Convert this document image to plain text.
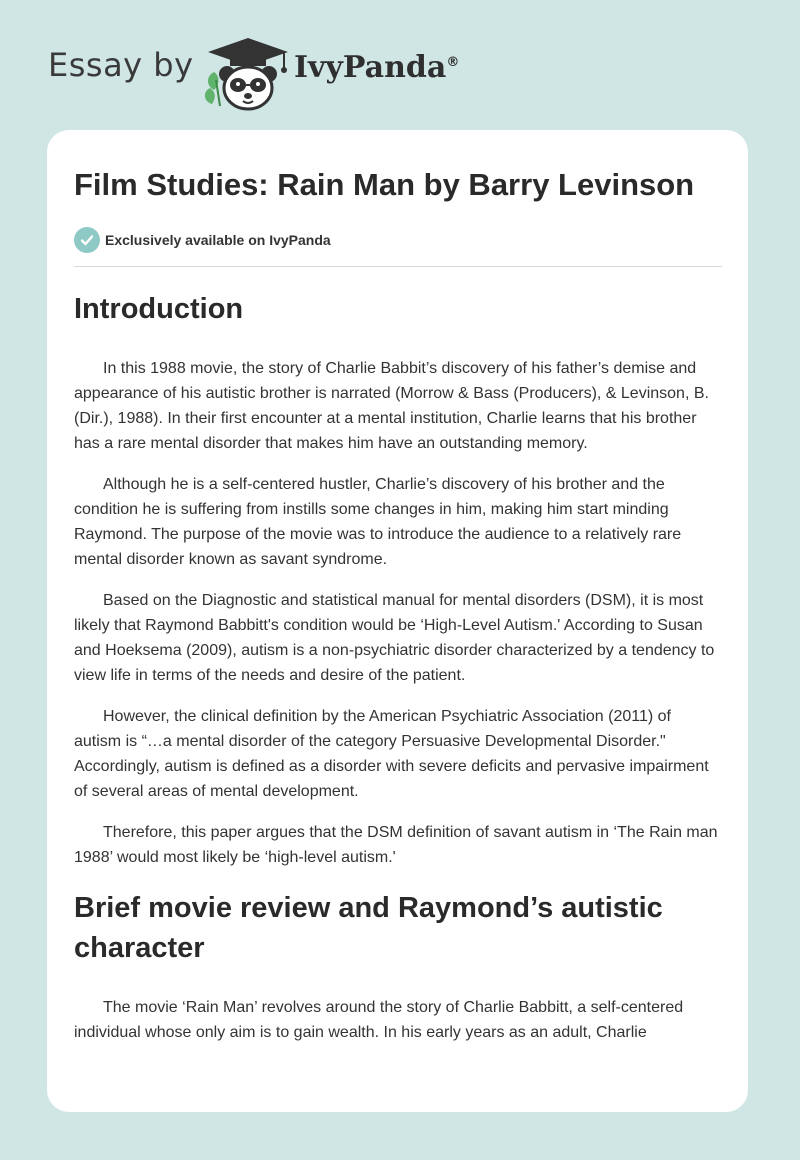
Essay by	IvyPanda®
Film Studies: Rain Man by Barry Levinson
Exclusively available on IvyPanda
Introduction

In this 1988 movie, the story of Charlie Babbit’s discovery of his father’s demise and appearance of his autistic brother is narrated (Morrow & Bass (Producers), & Levinson, B. (Dir.), 1988). In their first encounter at a mental institution, Charlie learns that his brother has a rare mental disorder that makes him have an outstanding memory.

Although he is a self-centered hustler, Charlie’s discovery of his brother and the condition he is suffering from instills some changes in him, making him start minding Raymond. The purpose of the movie was to introduce the audience to a relatively rare mental disorder known as savant syndrome.

Based on the Diagnostic and statistical manual for mental disorders (DSM), it is most likely that Raymond Babbitt's condition would be ‘High-Level Autism.' According to Susan and Hoeksema (2009), autism is a non-psychiatric disorder characterized by a tendency to view life in terms of the needs and desire of the patient.

However, the clinical definition by the American Psychiatric Association (2011) of autism is “…a mental disorder of the category Persuasive Developmental Disorder." Accordingly, autism is defined as a disorder with severe deficits and pervasive impairment of several areas of mental development.

Therefore, this paper argues that the DSM definition of savant autism in ‘The Rain man 1988’ would most likely be ‘high-level autism.'

Brief movie review and Raymond’s autistic character

The movie ‘Rain Man’ revolves around the story of Charlie Babbitt, a self-centered individual whose only aim is to gain wealth. In his early years as an adult, Charlie
